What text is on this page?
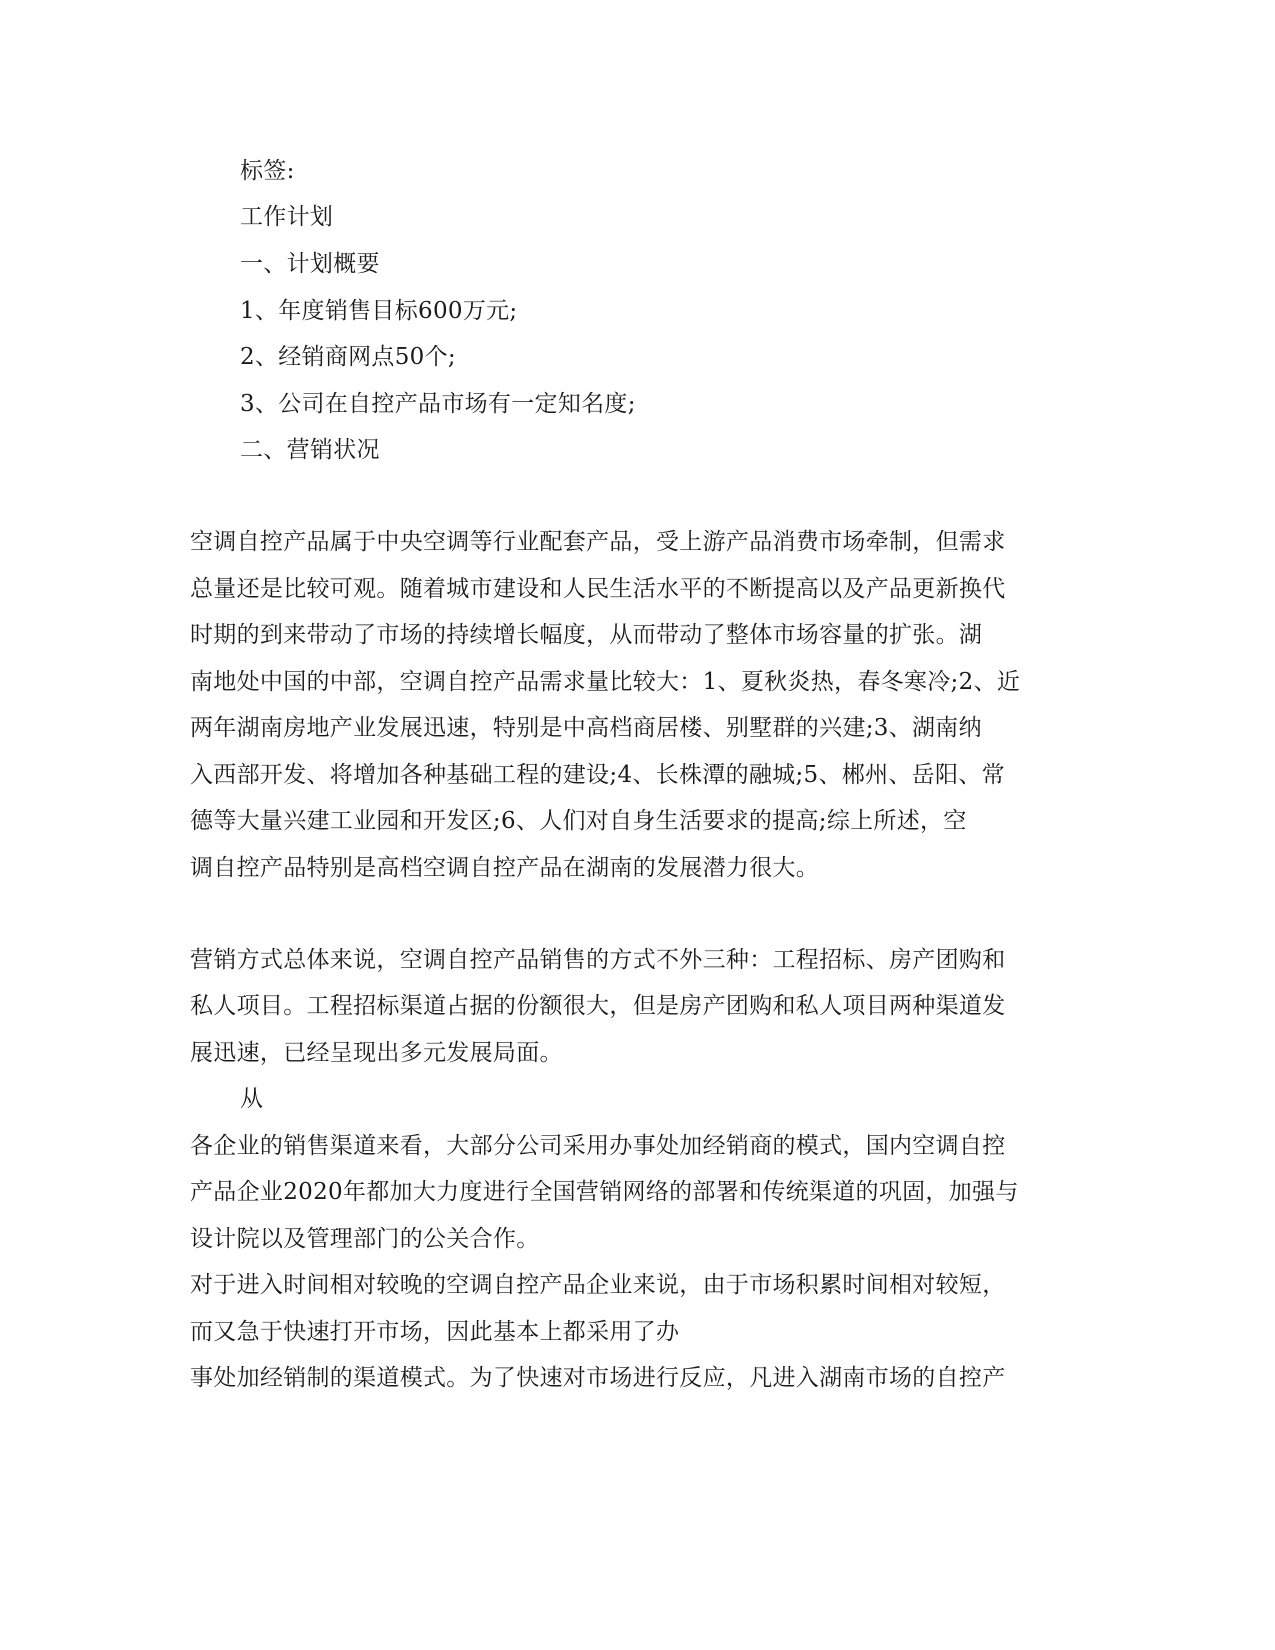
标签:

工作计划

一、计划概要

1、年度销售目标600万元;

2、经销商网点50个;

3、公司在自控产品市场有一定知名度;

二、营销状况

空调自控产品属于中央空调等行业配套产品，受上游产品消费市场牵制，但需求

总量还是比较可观。随着城市建设和人民生活水平的不断提高以及产品更新换代

时期的到来带动了市场的持续增长幅度，从而带动了整体市场容量的扩张。湖

南地处中国的中部，空调自控产品需求量比较大：1、夏秋炎热，春冬寒冷;2、近

两年湖南房地产业发展迅速，特别是中高档商居楼、别墅群的兴建;3、湖南纳

入西部开发、将增加各种基础工程的建设;4、长株潭的融城;5、郴州、岳阳、常

德等大量兴建工业园和开发区;6、人们对自身生活要求的提高;综上所述，空

调自控产品特别是高档空调自控产品在湖南的发展潜力很大。

营销方式总体来说，空调自控产品销售的方式不外三种：工程招标、房产团购和

私人项目。工程招标渠道占据的份额很大，但是房产团购和私人项目两种渠道发

展迅速，已经呈现出多元发展局面。

从

各企业的销售渠道来看，大部分公司采用办事处加经销商的模式，国内空调自控

产品企业2020年都加大力度进行全国营销网络的部署和传统渠道的巩固，加强与

设计院以及管理部门的公关合作。

对于进入时间相对较晚的空调自控产品企业来说，由于市场积累时间相对较短，

而又急于快速打开市场，因此基本上都采用了办

事处加经销制的渠道模式。为了快速对市场进行反应，凡进入湖南市场的自控产
